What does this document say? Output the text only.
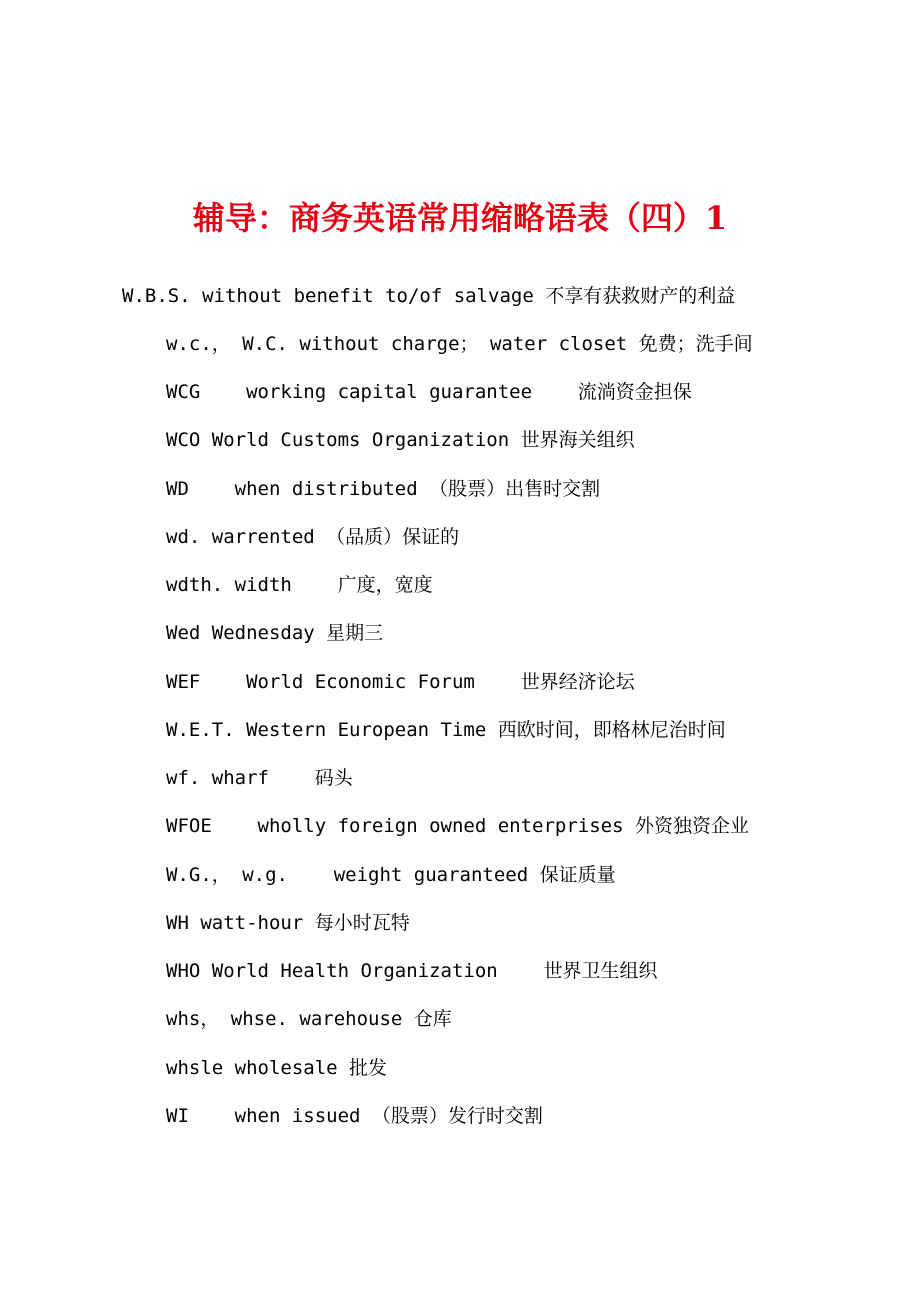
辅导：商务英语常用缩略语表（四）1
W.B.S. without benefit to/of salvage 不享有获救财产的利益
w.c.， W.C. without charge； water closet 免费；洗手间
WCG    working capital guarantee    流淌资金担保
WCO World Customs Organization 世界海关组织
WD    when distributed （股票）出售时交割
wd. warrented （品质）保证的
wdth. width    广度，宽度
Wed Wednesday 星期三
WEF    World Economic Forum    世界经济论坛
W.E.T. Western European Time 西欧时间，即格林尼治时间
wf. wharf    码头
WFOE    wholly foreign owned enterprises 外资独资企业
W.G.， w.g.    weight guaranteed 保证质量
WH watt-hour 每小时瓦特
WHO World Health Organization    世界卫生组织
whs， whse. warehouse 仓库
whsle wholesale 批发
WI    when issued （股票）发行时交割
